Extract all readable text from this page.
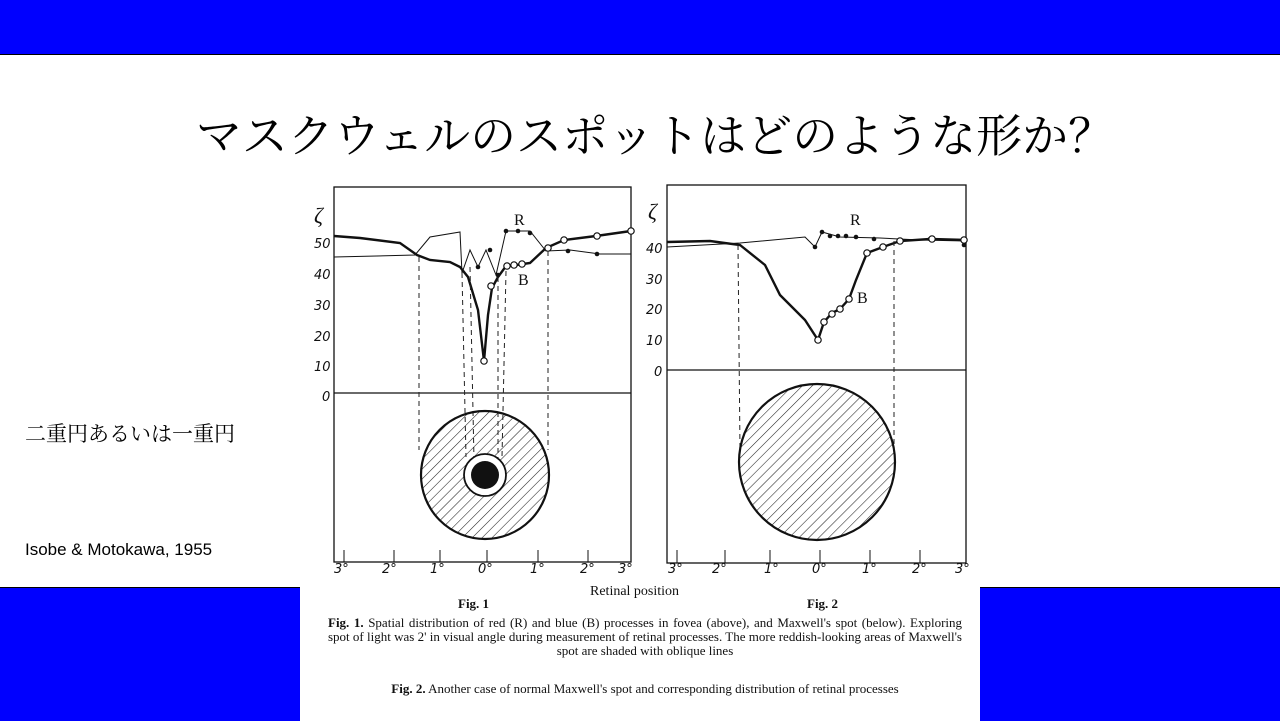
マスクウェルのスポットはどのような形か？
二重円あるいは一重円
Isobe & Motokawa, 1955
ζ
50
40
30
20
10
0
R
B
3°	2°	1°	0°	1°	2° 3°
Fig. 1
ζ
40
30
20
10
0
R
B
3° 2°	1°	0°	1°	2° 3°
Fig. 2
Retinal position
Fig. 1. Spatial distribution of red (R) and blue (B) processes in fovea (above), and Maxwell's spot (below). Exploring spot of light was 2' in visual angle during measurement of retinal processes. The more reddish-looking areas of Maxwell's spot are shaded with oblique lines
Fig. 2. Another case of normal Maxwell's spot and corresponding distribution of retinal processes
